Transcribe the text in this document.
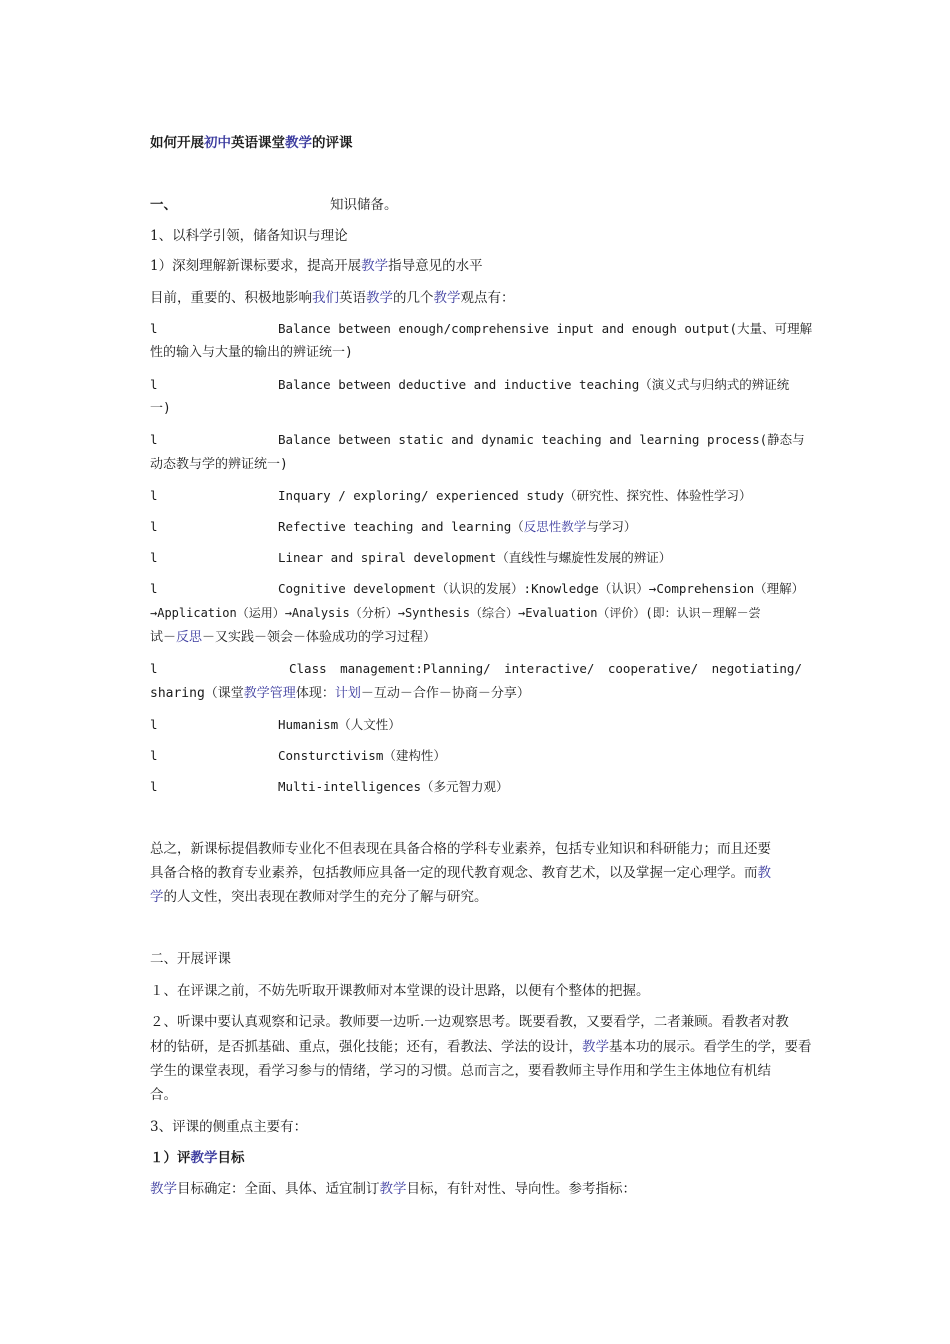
如何开展初中英语课堂教学的评课
一、	知识储备。
1、以科学引领，储备知识与理论
1）深刻理解新课标要求，提高开展教学指导意见的水平
目前，重要的、积极地影响我们英语教学的几个教学观点有：
l	Balance between enough/comprehensive input and enough output(大量、可理解
性的输入与大量的输出的辨证统一)
l	Balance between deductive and inductive teaching（演义式与归纳式的辨证统
一)
l	Balance between static and dynamic teaching and learning process(静态与
动态教与学的辨证统一)
l	Inquary / exploring/ experienced study（研究性、探究性、体验性学习）
l	Refective teaching and learning（反思性教学与学习）
l	Linear and spiral development（直线性与螺旋性发展的辨证）
l	Cognitive development（认识的发展）:Knowledge（认识）→Comprehension（理解）
→Application（运用）→Analysis（分析）→Synthesis（综合）→Evaluation（评价）(即：认识－理解－尝
试－反思－又实践－领会－体验成功的学习过程）
l	Class management:Planning/ interactive/ cooperative/ negotiating/
sharing（课堂教学管理体现：计划－互动－合作－协商－分享）
l	Humanism（人文性）
l	Consturctivism（建构性）
l	Multi-intelligences（多元智力观）
总之，新课标提倡教师专业化不但表现在具备合格的学科专业素养，包括专业知识和科研能力；而且还要
具备合格的教育专业素养，包括教师应具备一定的现代教育观念、教育艺术，以及掌握一定心理学。而教
学的人文性，突出表现在教师对学生的充分了解与研究。
二、开展评课
１、在评课之前，不妨先听取开课教师对本堂课的设计思路，以便有个整体的把握。
２、听课中要认真观察和记录。教师要一边听.一边观察思考。既要看教，又要看学，二者兼顾。看教者对教
材的钻研，是否抓基础、重点，强化技能；还有，看教法、学法的设计，教学基本功的展示。看学生的学，要看
学生的课堂表现，看学习参与的情绪，学习的习惯。总而言之，要看教师主导作用和学生主体地位有机结
合。
3、评课的侧重点主要有：
１）评教学目标
教学目标确定：全面、具体、适宜制订教学目标，有针对性、导向性。参考指标：
